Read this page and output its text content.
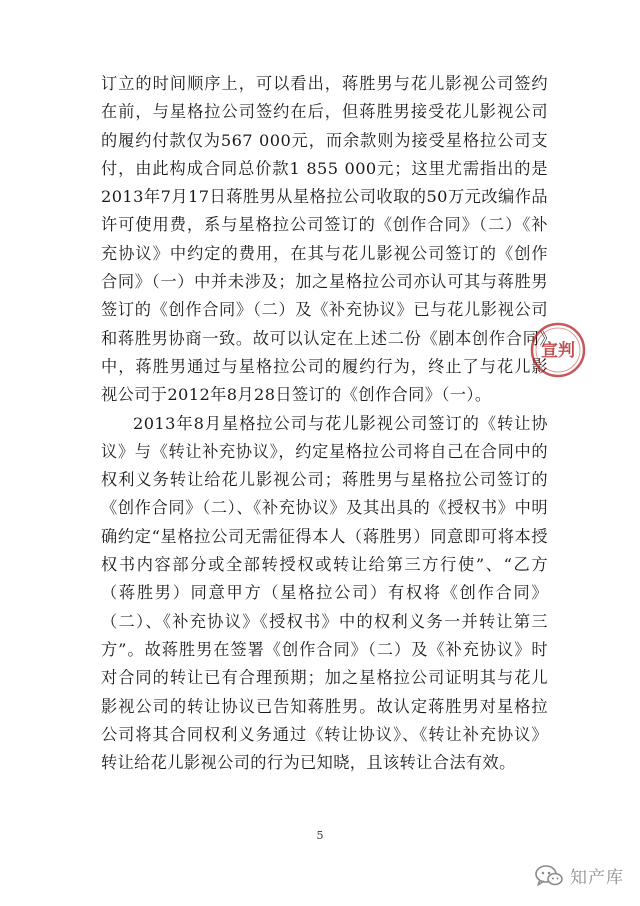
订立的时间顺序上，可以看出，蒋胜男与花儿影视公司签约在前，与星格拉公司签约在后，但蒋胜男接受花儿影视公司的履约付款仅为567 000元，而余款则为接受星格拉公司支付，由此构成合同总价款1 855 000元；这里尤需指出的是2013年7月17日蒋胜男从星格拉公司收取的50万元改编作品许可使用费，系与星格拉公司签订的《创作合同》（二）《补充协议》中约定的费用，在其与花儿影视公司签订的《创作合同》（一）中并未涉及；加之星格拉公司亦认可其与蒋胜男签订的《创作合同》（二）及《补充协议》已与花儿影视公司和蒋胜男协商一致。故可以认定在上述二份《剧本创作合同》中，蒋胜男通过与星格拉公司的履约行为，终止了与花儿影视公司于2012年8月28日签订的《创作合同》（一）。

2013年8月星格拉公司与花儿影视公司签订的《转让协议》与《转让补充协议》，约定星格拉公司将自己在合同中的权利义务转让给花儿影视公司；蒋胜男与星格拉公司签订的《创作合同》（二）、《补充协议》及其出具的《授权书》中明确约定“星格拉公司无需征得本人（蒋胜男）同意即可将本授权书内容部分或全部转授权或转让给第三方行使”、“乙方（蒋胜男）同意甲方（星格拉公司）有权将《创作合同》（二）、《补充协议》《授权书》中的权利义务一并转让第三方”。故蒋胜男在签署《创作合同》（二）及《补充协议》时对合同的转让已有合理预期；加之星格拉公司证明其与花儿影视公司的转让协议已告知蒋胜男。故认定蒋胜男对星格拉公司将其合同权利义务通过《转让协议》、《转让补充协议》转让给花儿影视公司的行为已知晓，且该转让合法有效。

宣判
5
知产库
